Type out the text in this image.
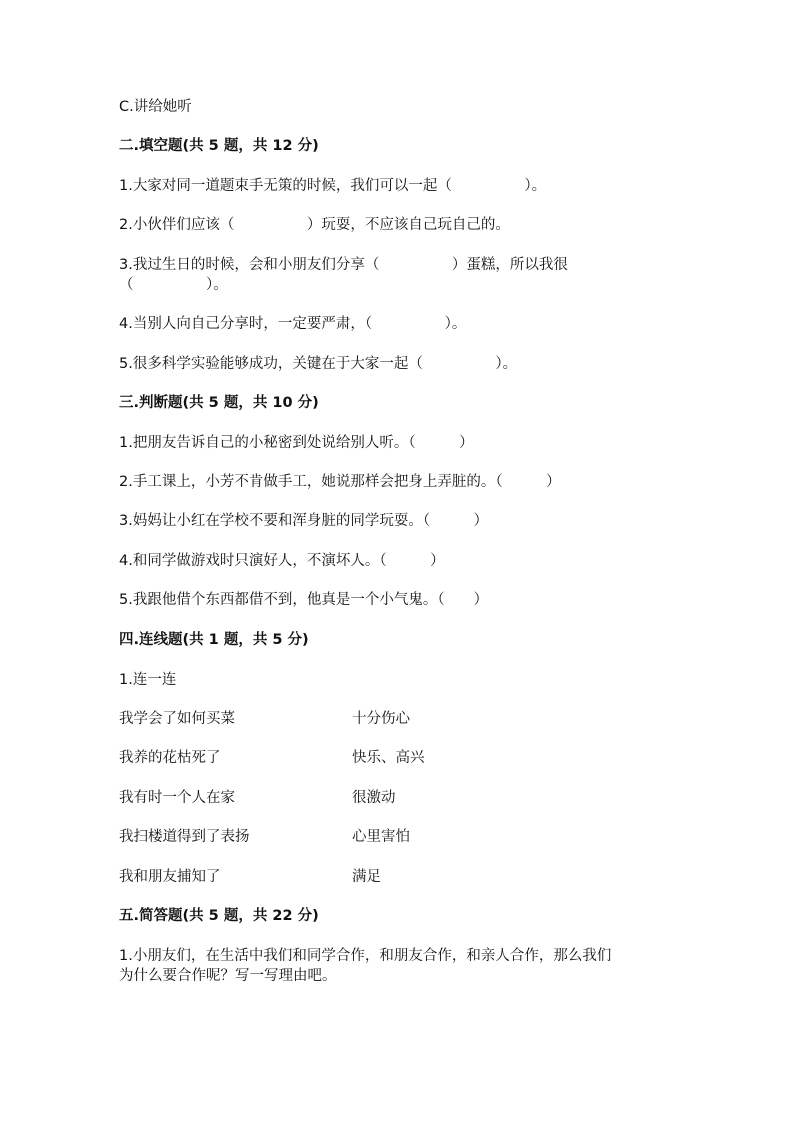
C.讲给她听
二.填空题(共 5 题，共 12 分)
1.大家对同一道题束手无策的时候，我们可以一起（　　　　　）。
2.小伙伴们应该（　　　　　）玩耍，不应该自己玩自己的。
3.我过生日的时候，会和小朋友们分享（　　　　　）蛋糕，所以我很
（　　　　　）。
4.当别人向自己分享时，一定要严肃，（　　　　　）。
5.很多科学实验能够成功，关键在于大家一起（　　　　　）。
三.判断题(共 5 题，共 10 分)
1.把朋友告诉自己的小秘密到处说给别人听。（　　　）
2.手工课上，小芳不肯做手工，她说那样会把身上弄脏的。（　　　）
3.妈妈让小红在学校不要和浑身脏的同学玩耍。（　　　）
4.和同学做游戏时只演好人，不演坏人。（　　　）
5.我跟他借个东西都借不到，他真是一个小气鬼。（　　）
四.连线题(共 1 题，共 5 分)
1.连一连
我学会了如何买菜	十分伤心
我养的花枯死了	快乐、高兴
我有时一个人在家	很激动
我扫楼道得到了表扬	心里害怕
我和朋友捕知了	满足
五.简答题(共 5 题，共 22 分)
1.小朋友们，在生活中我们和同学合作，和朋友合作，和亲人合作，那么我们
为什么要合作呢？写一写理由吧。
